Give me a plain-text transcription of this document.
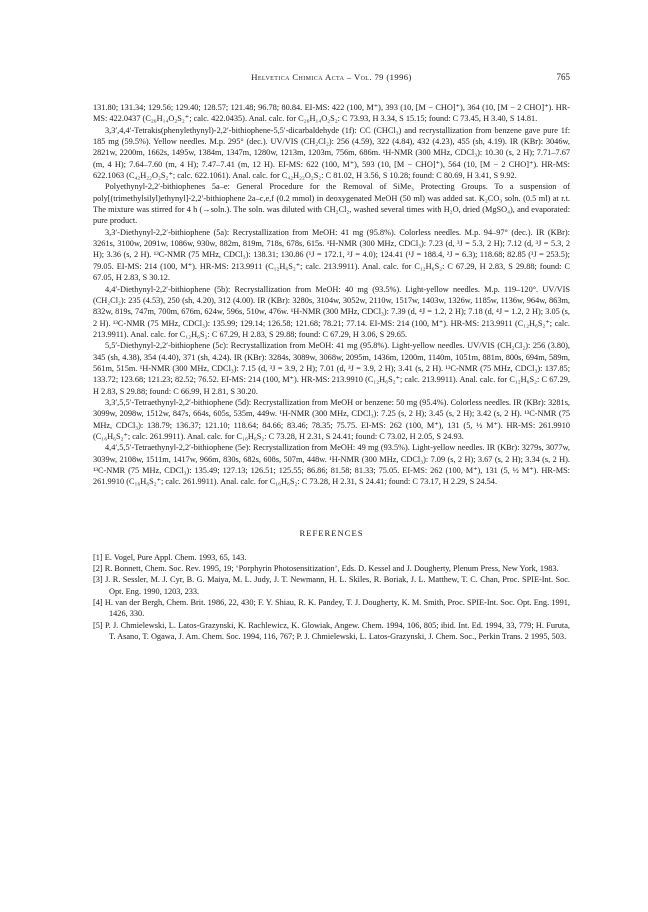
Helvetica Chimica Acta – Vol. 79 (1996)	765

131.80; 131.34; 129.56; 129.40; 128.57; 121.48; 96.78; 80.84. EI-MS: 422 (100, M⁺), 393 (10, [M − CHO]⁺), 364 (10, [M − 2 CHO]⁺). HR-MS: 422.0437 (C₂₆H₁₄O₂S₂⁺; calc. 422.0435). Anal. calc. for C₂₆H₁₄O₂S₂: C 73.93, H 3.34, S 15.15; found: C 73.45, H 3.40, S 14.81.

3,3′,4,4′-Tetrakis(phenylethynyl)-2,2′-bithiophene-5,5′-dicarbaldehyde (1f): CC (CHCl₃) and recrystallization from benzene gave pure 1f: 185 mg (59.5%). Yellow needles. M.p. 295° (dec.). UV/VIS (CH₂Cl₂): 256 (4.59), 322 (4.84), 432 (4.23), 455 (sh, 4.19). IR (KBr): 3046w, 2821w, 2200m, 1662s, 1495w, 1384m, 1347m, 1280w, 1213m, 1203m, 756m, 686m. ¹H-NMR (300 MHz, CDCl₃): 10.30 (s, 2 H); 7.71–7.67 (m, 4 H); 7.64–7.60 (m, 4 H); 7.47–7.41 (m, 12 H). EI-MS: 622 (100, M⁺), 593 (10, [M − CHO]⁺), 564 (10, [M − 2 CHO]⁺). HR-MS: 622.1063 (C₄₂H₂₂O₂S₂⁺; calc. 622.1061). Anal. calc. for C₄₂H₂₂O₂S₂: C 81.02, H 3.56, S 10.28; found: C 80.69, H 3.41, S 9.92.

Polyethynyl-2,2′-bithiophenes 5a–e: General Procedure for the Removal of SiMe₃ Protecting Groups. To a suspension of poly[(trimethylsilyl)ethynyl]-2,2′-bithiophene 2a–c,e,f (0.2 mmol) in deoxygenated MeOH (50 ml) was added sat. K₂CO₃ soln. (0.5 ml) at r.t. The mixture was stirred for 4 h (→soln.). The soln. was diluted with CH₂Cl₂, washed several times with H₂O, dried (MgSO₄), and evaporated: pure product.

3,3′-Diethynyl-2,2′-bithiophene (5a): Recrystallization from MeOH: 41 mg (95.8%). Colorless needles. M.p. 94–97° (dec.). IR (KBr): 3261s, 3100w, 2091w, 1086w, 930w, 882m, 819m, 718s, 678s, 615s. ¹H-NMR (300 MHz, CDCl₃): 7.23 (d, ³J = 5.3, 2 H); 7.12 (d, ³J = 5.3, 2 H); 3.36 (s, 2 H). ¹³C-NMR (75 MHz, CDCl₃): 138.31; 130.86 (¹J = 172.1, ²J = 4.0); 124.41 (¹J = 188.4, ²J = 6.3); 118.68; 82.85 (¹J = 253.5); 79.05. EI-MS: 214 (100, M⁺). HR-MS: 213.9911 (C₁₂H₆S₂⁺; calc. 213.9911). Anal. calc. for C₁₂H₆S₂: C 67.29, H 2.83, S 29.88; found: C 67.05, H 2.83, S 30.12.

4,4′-Diethynyl-2,2′-bithiophene (5b): Recrystallization from MeOH: 40 mg (93.5%). Light-yellow needles. M.p. 119–120°. UV/VIS (CH₂Cl₂): 235 (4.53), 250 (sh, 4.20), 312 (4.00). IR (KBr): 3280s, 3104w, 3052w, 2110w, 1517w, 1403w, 1326w, 1185w, 1136w, 964w, 863m, 832w, 819s, 747m, 700m, 676m, 624w, 596s, 510w, 476w. ¹H-NMR (300 MHz, CDCl₃): 7.39 (d, ⁴J = 1.2, 2 H); 7.18 (d, ⁴J = 1.2, 2 H); 3.05 (s, 2 H). ¹³C-NMR (75 MHz, CDCl₃): 135.99; 129.14; 126.58; 121.68; 78.21; 77.14. EI-MS: 214 (100, M⁺). HR-MS: 213.9911 (C₁₂H₆S₂⁺; calc. 213.9911). Anal. calc. for C₁₂H₆S₂: C 67.29, H 2.83, S 29.88; found: C 67.29, H 3.06, S 29.65.

5,5′-Diethynyl-2,2′-bithiophene (5c): Recrystallization from MeOH: 41 mg (95.8%). Light-yellow needles. UV/VIS (CH₂Cl₂): 256 (3.80), 345 (sh, 4.38), 354 (4.40), 371 (sh, 4.24). IR (KBr): 3284s, 3089w, 3068w, 2095m, 1436m, 1200m, 1140m, 1051m, 881m, 800s, 694m, 589m, 561m, 515m. ¹H-NMR (300 MHz, CDCl₃): 7.15 (d, ³J = 3.9, 2 H); 7.01 (d, ³J = 3.9, 2 H); 3.41 (s, 2 H). ¹³C-NMR (75 MHz, CDCl₃): 137.85; 133.72; 123.68; 121.23; 82.52; 76.52. EI-MS: 214 (100, M⁺). HR-MS: 213.9910 (C₁₂H₆S₂⁺; calc. 213.9911). Anal. calc. for C₁₂H₆S₂: C 67.29, H 2.83, S 29.88; found: C 66.99, H 2.81, S 30.20.

3,3′,5,5′-Tetraethynyl-2,2′-bithiophene (5d): Recrystallization from MeOH or benzene: 50 mg (95.4%). Colorless needles. IR (KBr): 3281s, 3099w, 2098w, 1512w, 847s, 664s, 605s, 535m, 449w. ¹H-NMR (300 MHz, CDCl₃): 7.25 (s, 2 H); 3.45 (s, 2 H); 3.42 (s, 2 H). ¹³C-NMR (75 MHz, CDCl₃): 138.79; 136.37; 121.10; 118.64; 84.66; 83.46; 78.35; 75.75. EI-MS: 262 (100, M⁺), 131 (5, ½ M⁺). HR-MS: 261.9910 (C₁₆H₆S₂⁺; calc. 261.9911). Anal. calc. for C₁₆H₆S₂: C 73.28, H 2.31, S 24.41; found: C 73.02, H 2.05, S 24.93.

4,4′,5,5′-Tetraethynyl-2,2′-bithiophene (5e): Recrystallization from MeOH: 49 mg (93.5%). Light-yellow needles. IR (KBr): 3279s, 3077w, 3039w, 2108w, 1511m, 1417w, 966m, 830s, 682s, 608s, 507m, 448w. ¹H-NMR (300 MHz, CDCl₃): 7.09 (s, 2 H); 3.67 (s, 2 H); 3.34 (s, 2 H). ¹³C-NMR (75 MHz, CDCl₃): 135.49; 127.13; 126.51; 125.55; 86.86; 81.58; 81.33; 75.05. EI-MS: 262 (100, M⁺), 131 (5, ½ M⁺). HR-MS: 261.9910 (C₁₆H₆S₂⁺; calc. 261.9911). Anal. calc. for C₁₆H₆S₂: C 73.28, H 2.31, S 24.41; found: C 73.17, H 2.29, S 24.54.

REFERENCES
[1] E. Vogel, Pure Appl. Chem. 1993, 65, 143.
[2] R. Bonnett, Chem. Soc. Rev. 1995, 19; ‘Porphyrin Photosensitization’, Eds. D. Kessel and J. Dougherty, Plenum Press, New York, 1983.
[3] J. R. Sessler, M. J. Cyr, B. G. Maiya, M. L. Judy, J. T. Newmann, H. L. Skiles, R. Boriak, J. L. Matthew, T. C. Chan, Proc. SPIE-Int. Soc. Opt. Eng. 1990, 1203, 233.
[4] H. van der Bergh, Chem. Brit. 1986, 22, 430; F. Y. Shiau, R. K. Pandey, T. J. Dougherty, K. M. Smith, Proc. SPIE-Int. Soc. Opt. Eng. 1991, 1426, 330.
[5] P. J. Chmielewski, L. Latos-Grazynski, K. Rachlewicz, K. Glowiak, Angew. Chem. 1994, 106, 805; ibid. Int. Ed. 1994, 33, 779; H. Furuta, T. Asano, T. Ogawa, J. Am. Chem. Soc. 1994, 116, 767; P. J. Chmielewski, L. Latos-Grazynski, J. Chem. Soc., Perkin Trans. 2 1995, 503.
